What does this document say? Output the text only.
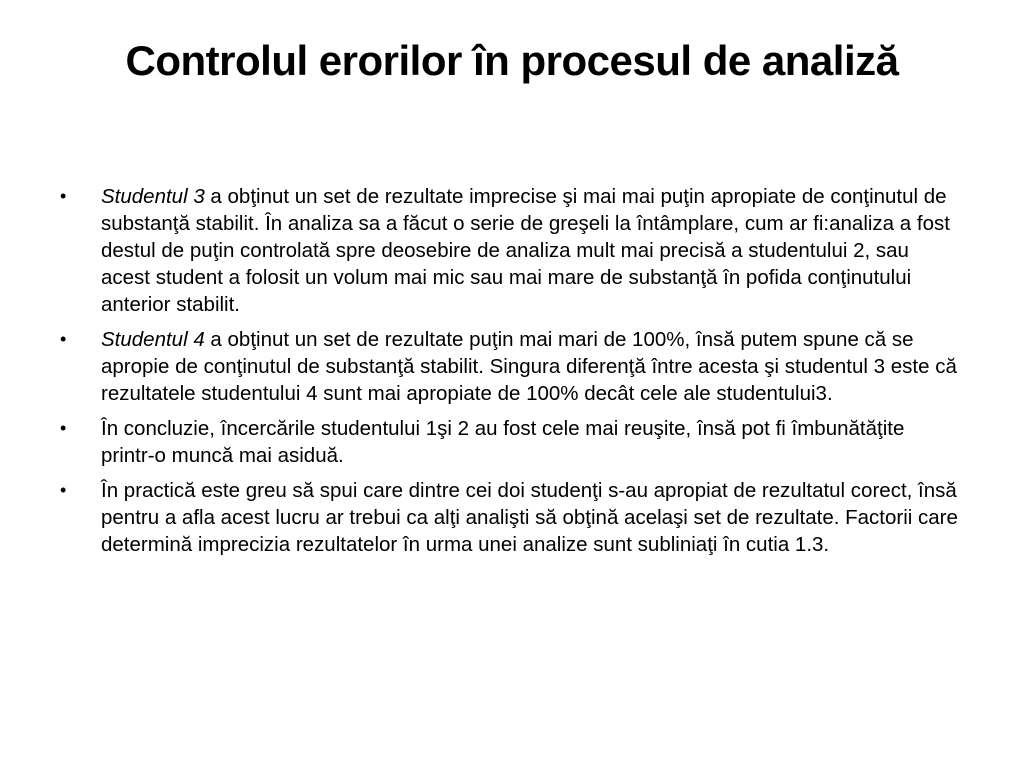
Controlul erorilor în procesul de analiză
• Studentul 3 a obţinut un set de rezultate imprecise şi mai mai puţin apropiate de conţinutul de substanţă stabilit. În analiza sa a făcut o serie de greşeli la întâmplare, cum ar fi:analiza a fost destul de puţin controlată spre deosebire de analiza mult mai precisă a studentului 2, sau acest student a folosit un volum mai mic sau mai mare de substanţă în pofida conţinutului anterior stabilit.
• Studentul 4 a obţinut un set de rezultate puţin mai mari de 100%, însă putem spune că se apropie de conţinutul de substanţă stabilit. Singura diferenţă între acesta şi studentul 3 este că rezultatele studentului 4 sunt mai apropiate de 100% decât cele ale studentului3.
• În concluzie, încercările studentului 1şi 2 au fost cele mai reuşite, însă pot fi îmbunătăţite printr-o muncă mai asiduă.
• În practică este greu să spui care dintre cei doi studenţi s-au apropiat de rezultatul corect, însă pentru a afla acest lucru ar trebui ca alţi analişti să obţină acelaşi set de rezultate. Factorii care determină imprecizia rezultatelor în urma unei analize sunt subliniaţi în cutia 1.3.
